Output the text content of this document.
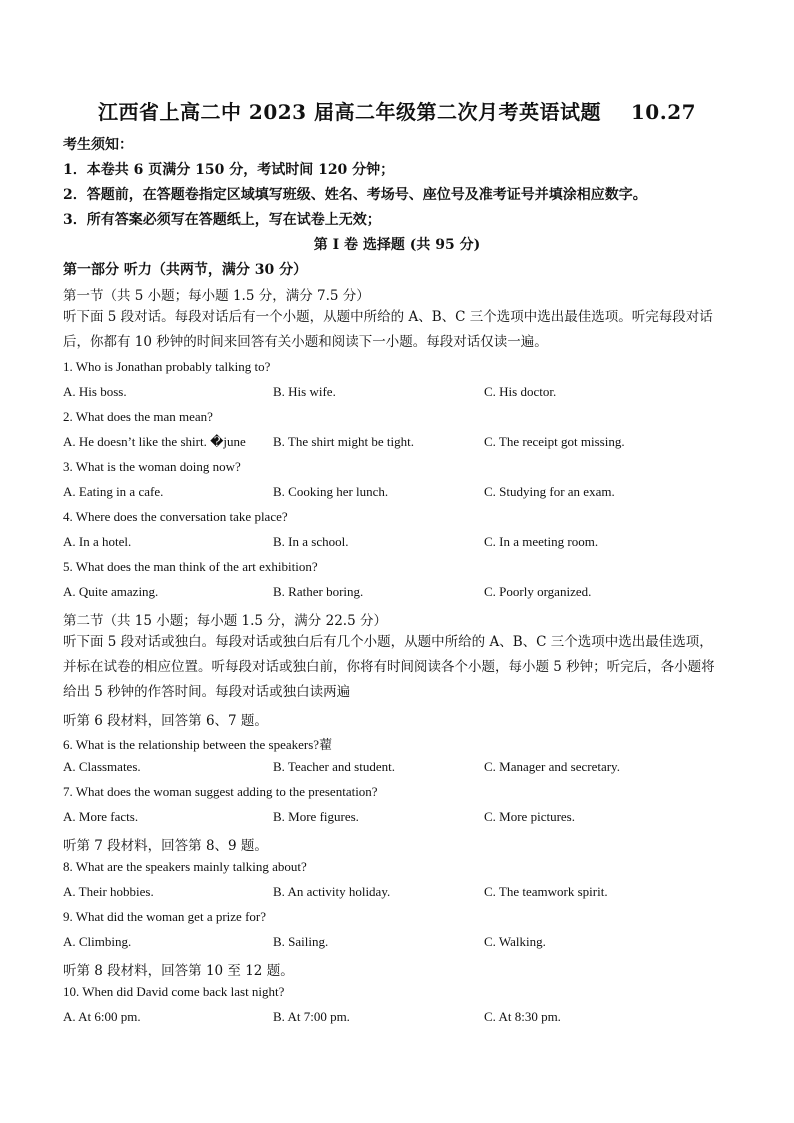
江西省上高二中 2023 届高二年级第二次月考英语试题    10.27
考生须知：
1．本卷共 6 页满分 150 分，考试时间 120 分钟；
2．答题前，在答题卷指定区域填写班级、姓名、考场号、座位号及准考证号并填涂相应数字。
3．所有答案必须写在答题纸上，写在试卷上无效；
第 I 卷 选择题 (共 95 分)
第一部分 听力（共两节，满分 30 分）
第一节（共 5 小题；每小题 1.5 分，满分 7.5 分）
听下面 5 段对话。每段对话后有一个小题，从题中所给的 A、B、C 三个选项中选出最佳选项。听完每段对话
后，你都有 10 秒钟的时间来回答有关小题和阅读下一小题。每段对话仅读一遍。
1. Who is Jonathan probably talking to?
A. His boss.	B. His wife.	C. His doctor.
2. What does the man mean?
A. He doesn’t like the shirt. �june B. The shirt might be tight.	C. The receipt got missing.
3. What is the woman doing now?
A. Eating in a cafe.	B. Cooking her lunch.	C. Studying for an exam.
4. Where does the conversation take place?
A. In a hotel.	B. In a school.	C. In a meeting room.
5. What does the man think of the art exhibition?
A. Quite amazing.	B. Rather boring.	C. Poorly organized.
第二节（共 15 小题；每小题 1.5 分，满分 22.5 分）
听下面 5 段对话或独白。每段对话或独白后有几个小题，从题中所给的 A、B、C 三个选项中选出最佳选项，
并标在试卷的相应位置。听每段对话或独白前，你将有时间阅读各个小题，每小题 5 秒钟；听完后，各小题将
给出 5 秒钟的作答时间。每段对话或独白读两遍
听第 6 段材料，回答第 6、7 题。
6. What is the relationship between the speakers?藋
A. Classmates.	B. Teacher and student.	C. Manager and secretary.
7. What does the woman suggest adding to the presentation?
A. More facts.	B. More figures.	C. More pictures.
听第 7 段材料，回答第 8、9 题。
8. What are the speakers mainly talking about?
A. Their hobbies.	B. An activity holiday.	C. The teamwork spirit.
9. What did the woman get a prize for?
A. Climbing.	B. Sailing.	C. Walking.
听第 8 段材料，回答第 10 至 12 题。
10. When did David come back last night?
A. At 6:00 pm.	B. At 7:00 pm.	C. At 8:30 pm.
